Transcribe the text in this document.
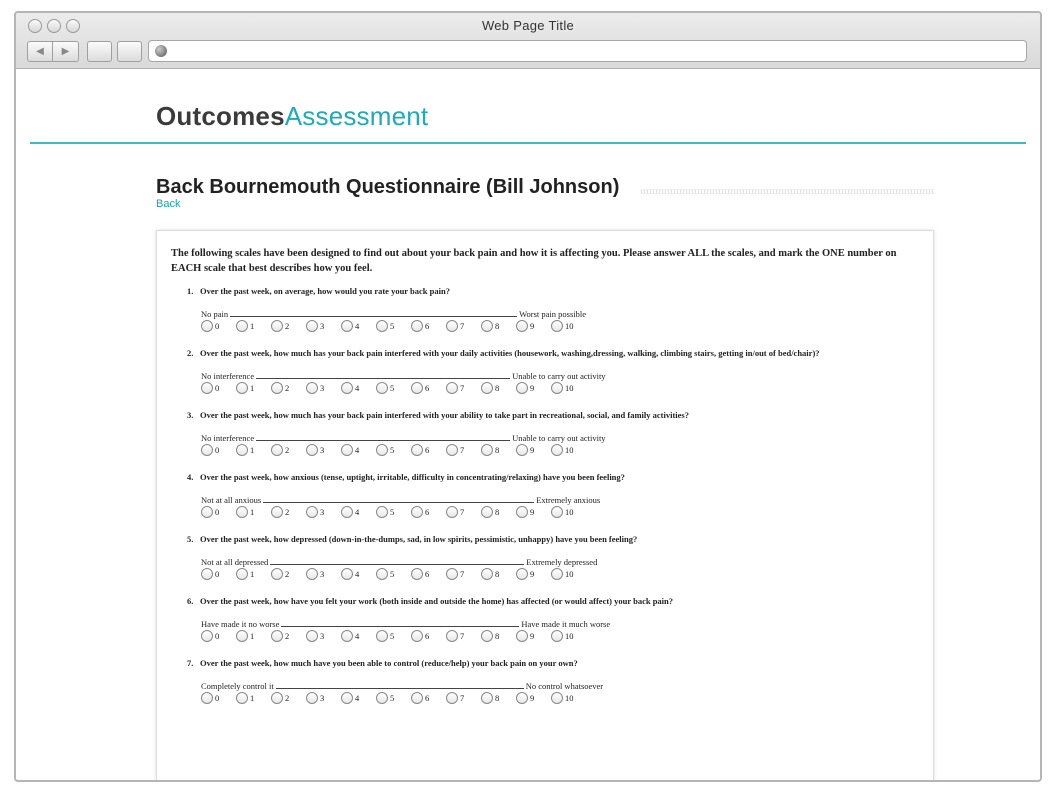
Web Page Title
◀ ▶
OutcomesAssessment
Back Bournemouth Questionnaire (Bill Johnson)
Back
The following scales have been designed to find out about your back pain and how it is affecting you. Please answer ALL the scales, and mark the ONE number on EACH scale that best describes how you feel.
1. Over the past week, on average, how would you rate your back pain?
No pain	Worst pain possible
0	1	2	3	4	5	6	7	8	9	10
2. Over the past week, how much has your back pain interfered with your daily activities (housework, washing,dressing, walking, climbing stairs, getting in/out of bed/chair)?
No interference	Unable to carry out activity
0	1	2	3	4	5	6	7	8	9	10
3. Over the past week, how much has your back pain interfered with your ability to take part in recreational, social, and family activities?
No interference	Unable to carry out activity
0	1	2	3	4	5	6	7	8	9	10
4. Over the past week, how anxious (tense, uptight, irritable, difficulty in concentrating/relaxing) have you been feeling?
Not at all anxious	Extremely anxious
0	1	2	3	4	5	6	7	8	9	10
5. Over the past week, how depressed (down-in-the-dumps, sad, in low spirits, pessimistic, unhappy) have you been feeling?
Not at all depressed	Extremely depressed
0	1	2	3	4	5	6	7	8	9	10
6. Over the past week, how have you felt your work (both inside and outside the home) has affected (or would affect) your back pain?
Have made it no worse	Have made it much worse
0	1	2	3	4	5	6	7	8	9	10
7. Over the past week, how much have you been able to control (reduce/help) your back pain on your own?
Completely control it	No control whatsoever
0	1	2	3	4	5	6	7	8	9	10
